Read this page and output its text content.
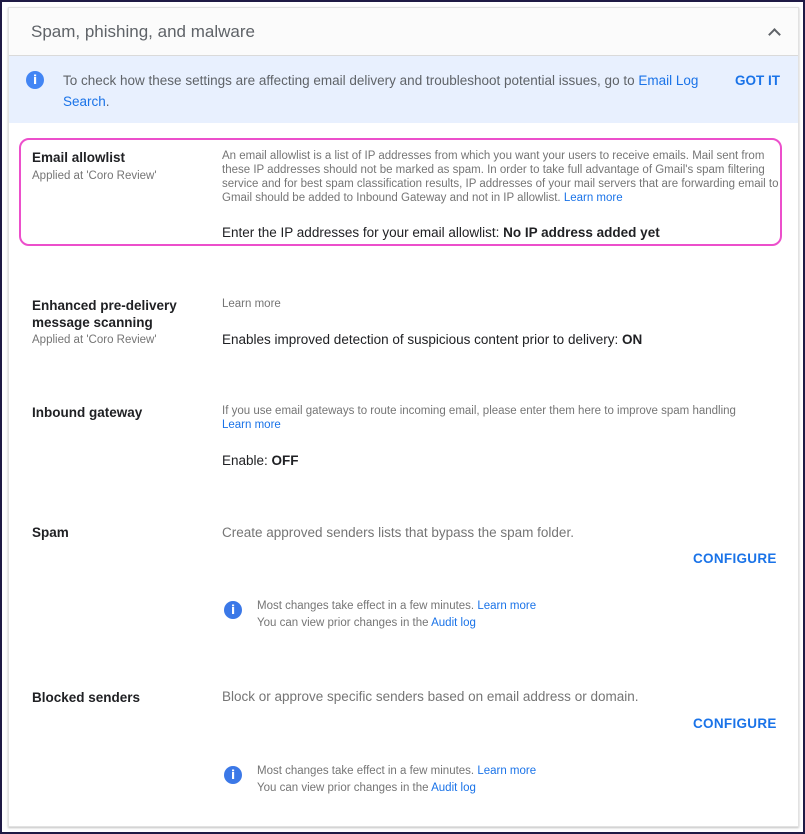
Spam, phishing, and malware
i	To check how these settings are affecting email delivery and troubleshoot potential issues, go to Email Log Search.
GOT IT
Email allowlist
Applied at 'Coro Review'
An email allowlist is a list of IP addresses from which you want your users to receive emails. Mail sent from these IP addresses should not be marked as spam. In order to take full advantage of Gmail's spam filtering service and for best spam classification results, IP addresses of your mail servers that are forwarding email to Gmail should be added to Inbound Gateway and not in IP allowlist. Learn more
Enter the IP addresses for your email allowlist: No IP address added yet
Enhanced pre-delivery message scanning
Applied at 'Coro Review'
Learn more
Enables improved detection of suspicious content prior to delivery: ON
Inbound gateway	If you use email gateways to route incoming email, please enter them here to improve spam handling
Learn more
Enable: OFF
Spam	Create approved senders lists that bypass the spam folder.
CONFIGURE
i	Most changes take effect in a few minutes. Learn more
You can view prior changes in the Audit log
Blocked senders	Block or approve specific senders based on email address or domain.
CONFIGURE
i	Most changes take effect in a few minutes. Learn more
You can view prior changes in the Audit log
